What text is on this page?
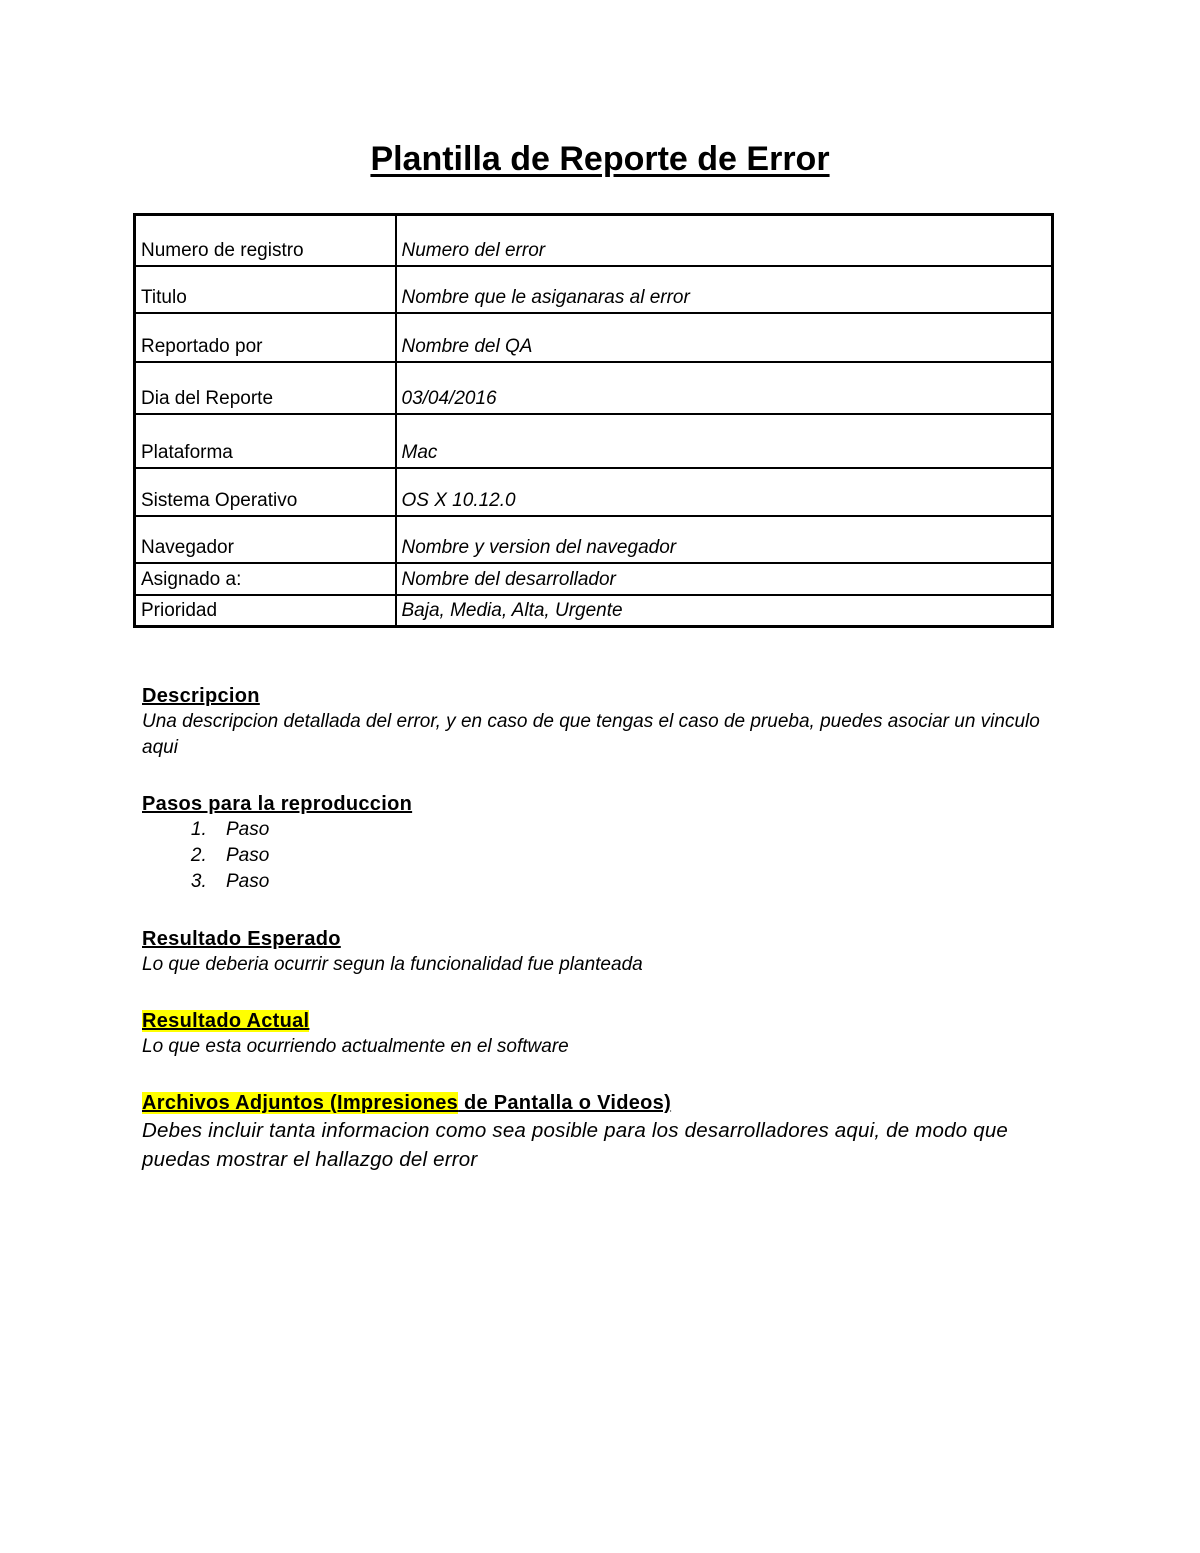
Plantilla de Reporte de Error
Numero de registro	Numero del error
Titulo	Nombre que le asiganaras al error
Reportado por	Nombre del QA
Dia del Reporte	03/04/2016
Plataforma	Mac
Sistema Operativo	OS X 10.12.0
Navegador	Nombre y version del navegador
Asignado a:	Nombre del desarrollador
Prioridad	Baja, Media, Alta, Urgente
Descripcion
Una descripcion detallada del error, y en caso de que tengas el caso de prueba, puedes asociar un vinculo aqui
Pasos para la reproduccion
1. Paso
2. Paso
3. Paso
Resultado Esperado
Lo que deberia ocurrir segun la funcionalidad fue planteada
Resultado Actual
Lo que esta ocurriendo actualmente en el software
Archivos Adjuntos (Impresiones de Pantalla o Videos)
Debes incluir tanta informacion como sea posible para los desarrolladores aqui, de modo que puedas mostrar el hallazgo del error
